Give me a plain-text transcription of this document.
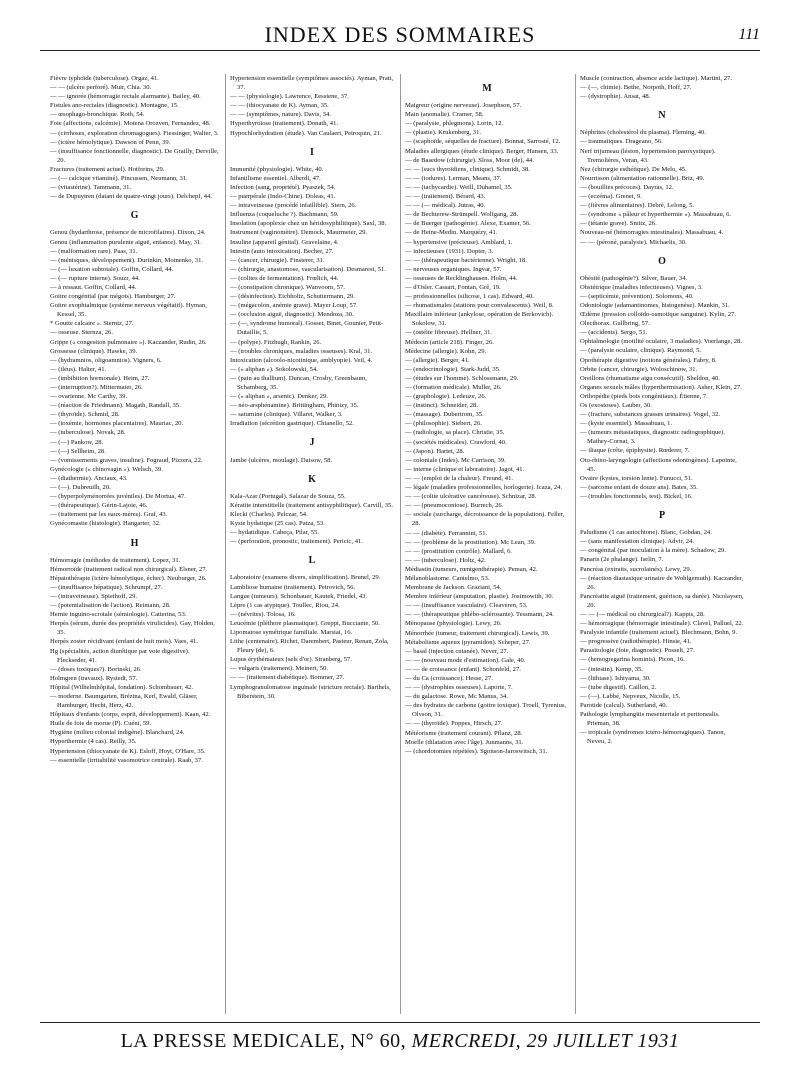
INDEX DES SOMMAIRES	111
Fièvre typhoïde (tuberculose). Orgaz, 41.
— — (ulcère perforé). Muir, Chia. 30.
— — ignorée (hémorragie rectale alarmante). Bailey, 40.
Fistules ano-rectales (diagnostic). Montagne, 15.
— œsophago-bronchique. Roth, 54.
Foie (affections, calcémie). Motena Orozven, Fernandez, 48.
— (cirrhoses, exploration chromagogues). Fiessinger, Walter, 3.
— (ictère hémolytique). Dawson of Penn, 39.
— (insuffisance fonctionnelle, diagnostic). De Grailly, Derville, 20.
Fractures (traitement actuel). Hotfreins, 29.
— (— calcique vitaminé). Pincussen, Neumann, 31.
— (vitastérine). Tammann, 31.
— de Dupuytren (datant de quatre-vingt jours). Delchepf, 44.
G
Genou (hydarthrose, présence de microfilaires). Dixon, 24.
Genou (inflammation purulente aiguë, enfance). May, 31.
— (malformation rare). Paas, 31.
— (ménisques, développement). Durinkin, Motnenko, 31.
— (— luxation subtotale). Goffin, Collard, 44.
— (— rupture interne). Souzr, 44.
— à ressaut. Goffin, Collard, 44.
Goitre congénital (par mégots). Hamburger, 27.
Goitre exophtalmique (système nerveux végétatif). Hyman, Kessel, 35.
* Goutte calcaire ». Sterntz, 27.
— osseuse. Sternza, 26.
Grippe (« congestion pulmonaire »). Kaczander, Rudin, 26.
Grossesse (clinique). Hawke, 39.
— (hydramnios, oligoamnios). Vigners, 6.
— (iléus). Halter, 41.
— (imbibition hormonale). Heim, 27.
— (interruption?). Mittermaier, 26.
— ovarienne. Mc Carthy, 39.
— (réaction de Friedmann). Magath, Randall, 35.
— (thyroïde). Schmid, 28.
— (toxémie, hormones placentaires). Mauriac, 20.
— (tuberculose). Novak, 28.
— (—) Pankow, 28.
— (—) Sellheim, 28.
— (vomissements graves, insuline). Fograud, Pizzera, 22.
Gynécologie (« chinovagin »). Welsch, 39.
— (diathermie). Anciaux, 43.
— (—). Dubreuilh, 20.
— (hyperpolyménorrées juvéniles). De Mortua, 47.
— (thérapeutique). Gérin-Lajoie, 46.
— (traitement par les eaux-mères). Graf, 43.
Gynécomastie (histologie). Hangarter, 32.
H
Hémorragie (méthodes de traitement). Lopez, 31.
Hémorroïde (traitement radical non chirurgical). Elsner, 27.
Hépatothérapie (ictère hémolytique, échec). Neuburger, 26.
— (insuffisance hépatique). Schrumpf, 27.
— (intraveineuse). Spiethoff, 29.
— (potentialisation de l'action). Reimann, 28.
Hernie inguino-scrotale (sémiologie). Catterina, 53.
Herpès (sérum, durée des propriétés virulicides). Gay, Holden, 35.
Herpès zoster récidivant (enfant de huit mois). Vaes, 41.
Hg (spécialités, action diurétique par voie digestive). Fleckseder, 41.
— (doses toxiques?). Borinski, 26.
Holmgren (travaux). Rystedt, 57.
Hôpital (Wilhelmhôpital, fondation). Schombauer, 42.
— moderne. Baumgarten, Brézina, Kerl, Ewald, Gläser, Hamburger, Hecht, Herz, 42.
Hôpitaux d'enfants (corps, esprit, développement). Kaan, 42.
Huile de foie de morue (P). Cuéni, 59.
Hygiène (milieu colonial indigène). Blanchard, 24.
Hyperthermie (4 cas). Reilly, 35.
Hypertension (thiocyanate de K). Esloff, Hoyt, O'Hare, 35.
— essentielle (irritabilité vasomotrice centrale). Raab, 37.
Hypertension essentielle (symptômes associés). Ayman, Pratt, 37.
— — (physiologie). Lawrence, Eesstene, 37.
— — (thiocyanate de K). Ayman, 35.
— — (symptômes, nature). Davis, 34.
Hyperthyroïose (traitement). Donath, 41.
Hypochlorhydration (étude). Van Caulaert, Petroquin, 21.
I
Immunité (physiologie). White, 40.
Infantilisme essentiel. Alberdi, 47.
Infection (sang, propriété). Pyaszek, 54.
— puerpérale (Indo-Chine). Doleas, 41.
— intraveineuse (procédé infaillible). Stern, 26.
Influenza (coqueluche ?). Bachmann, 59.
Insolation (apoplexie chez un héridosyphilitique). Saxl, 38.
Instrument (vaginomètre). Demock, Maurmeier, 29.
Insuline (appareil génital). Gravelaine, 4.
Intestin (auto intoxication). Becher, 27.
— (cancer, chirurgie). Finsterer, 31.
— (chirurgie, anastomose, vascularisation). Desmarest, 51.
— (colites de fermentation). Frœlich, 44.
— (constipation chronique). Wanvoorn, 57.
— (désinfection). Eichholtz, Schuttermann, 29.
— (mégacolon, anémie grave). Mayer Loup, 57.
— (occlusion aiguë, diagnostic). Mendoza, 30.
— (—, syndrome humoral). Gosset, Binet, Gounier, Petit-Dutaillis, 5.
— (polype). Fitzhugh, Rankin, 26.
— (troubles chroniques, maladies osseuses). Kral, 31.
Intoxication (alcoolo-nicotinique, amblyopie). Veil, 4.
— (« aliphan »). Sokolowski, 54.
— (pain au thallium). Duncan, Crosby, Greenbaum, Schamberg, 35.
— (« aliphan », arsenic). Denker, 29.
— néo-arsphénamine). Brittingham, Phinizy, 35.
— saturnine (clinique). Villaret, Walker, 3.
Irradiation (sécrétion gastrique). Chianello, 52.
J
Jambe (ulcères, moulage). Daisow, 58.
K
Kala-Azar (Portugal). Salazar de Souza, 55.
Kératite interstitielle (traitement antisyphilitique). Carvill, 35.
Klecki (Charles). Pelczar, 54.
Kyste hydatique (25 cas). Patza, 53.
— hydatidique. Cabeça, Pilar, 55.
— (perforation, pronostic, traitement). Pericic, 41.
L
Laboratoire (examens divers, simplification). Brunel, 29.
Lambliose humaine (traitement). Petrovich, 56.
Langue (tumeurs). Schonbauer, Kautek, Friedel, 43.
Lèpre (1 cas atypique). Toullec, Riou, 24.
— (névrites). Tolosa, 16.
Leucémie (pléthore plasmatique). Greppi, Bucciante, 50.
Lipomatose symétrique familiale. Marsiai, 16.
Lithe (centenaire). Richet, Darembert, Pasteur, Renan, Zola, Fleury (de), 6.
Lupus érythémateux (sels d'or). Stranberg, 57.
— vulgaris (traitement). Meinert, 50.
— — (traitement diabétique). Bommer, 27.
Lymphogranulomatose inguinale (stricture rectale). Barthels, Biberstein, 30.
M
Maigreur (origine nerveuse). Josephson, 57.
Main (anomalie). Cramer, 58.
— (paralysie, phlegmons). Lorin, 12.
— (plastie). Krukenberg, 31.
— (scaphoïde, séquelles de fracture). Bonnat, Sarrosté, 12.
Maladies allergiques (étude clinique). Berger, Hansen, 33.
— de Basedow (chirurgie). Sloss, Moor (de), 44.
— — (sucs thyroïdiens, clinique). Schmidt, 38.
— — (iodures). Lerman, Means, 37.
— — (tachycardie). Weill, Duhamel, 35.
— — (traitement). Bérard, 43.
— — (— médical). Jutras, 40.
— de Bechterew-Strümpell. Wolfgang, 28.
— de Buerger (pathogénie). Alexe, Examer, 56.
— de Heine-Medin. Marquézy, 41.
— hypertensive (précieuse). Amblard, 1.
— infectieuses (1931). Dopter, 3.
— — (thérapeutique bactérienne). Wright, 18.
— nerveuses organiques. Ingvar, 57.
— osseuses de Recklinghausen. Holm, 44.
— d'Osler. Cassart, Fontan, Grê, 19.
— professionnelles (silicose, 1 cas). Edward, 40.
— rhumatismales (stations pour convalescents). Weil, 8.
Maxillaire inférieur (ankylose, opération de Berkovich). Sokolow, 31.
— (ostéite fibreuse). Hellner, 31.
Médecin (article 218). Finger, 26.
Médecine (allergie). Kohn, 29.
— (allergie). Berger, 41.
— (endocrinologie). Stark-Judd, 35.
— (études sur l'homme). Schlossmann, 29.
— (formation médicale). Muller, 26.
— (graphologie). Ledeuze, 26.
— (instinct). Schneider, 28.
— (massage). Dubertrom, 35.
— (philosophie). Siebert, 26.
— (radiologie, sa place). Christie, 35.
— (sociétés médicales). Crawford, 40.
— (Japon). Hartet, 28.
— coloniale (Indes). Mc Carrison, 39.
— interne (clinique et laboratoire). Jagot, 41.
— — (emploi de la chaleur). Freund, 41.
— légale (maladies professionnelles, horlogerie). Icaza, 24.
— — (colite ulcérative cancéreuse). Schnizar, 28.
— — (pneumoconiose). Burrech, 26.
— sociale (surcharge, décroissance de la population). Feller, 28.
— — (diabète). Ferrannini, 51.
— — (problème de la prostitution). Mc Lean, 39.
— — (prostitution contrôle). Mallard, 6.
— — (tuberculose). Holtz, 42.
Médiastin (tumeurs, rœntgenthérapie). Peman, 42.
Mélanoblastome. Cantelmo, 53.
Membrane de Jackson. Graziani, 54.
Membre inférieur (amputation, plastie). Jostmowith, 30.
— — (insuffisance vasculaire). Cleaveren, 53.
— — (thérapeutique phlébo-sclérosante). Tessmann, 24.
Ménopause (physiologie). Lewy, 26.
Ménorrhée (tumeur, traitement chirurgical). Lewis, 39.
Métabolisme aqueux (pyramidon). Scheper, 27.
— basal (injection cutanée). Never, 27.
— — (nouveau mode d'estimation). Gale, 40.
— — de croissance (enfant). Schonfeld, 27.
— du Ca (croissance). Hesse, 27.
— — (dystrophies osseuses). Laporte, 7.
— du galactose. Rowe, Mc Manus, 34.
— des hydrates de carbone (goitre toxique). Troell, Tyrenius, Olvson, 31.
— — (thyroïde). Poppes, Hirsch, 27.
Météorisme (traitement courant). Pflanz, 28.
Moelle (dilatation avec l'âge). Junmanns, 31.
— (chordotomies répétées). Sgonson-Jaroswitsch, 31.
Muscle (contraction, absence acide lactique). Martini, 27.
— (—, chimie). Bethe, Norpoth, Hoff, 27.
— (dystrophie). Ansat, 48.
N
Néphrites (cholestérol du plasma). Fleming, 40.
— traumatiques. Drageano, 56.
Nerf trijumeau (lésion, hypertension paroxystique). Tremolières, Veran, 43.
Nez (chirurgie esthétique). De Melo, 45.
Nourrisson (alimentation rationnelle). Briz, 49.
— (bouillies précoces). Dayras, 12.
— (eczéma). Grenet, 9.
— (fièvres alimentaires). Debré, Lelong, 5.
— (syndrome « pâleur et hyperthermie »). Massabuau, 6.
— (tétanie grave). Smitz, 26.
Nouveau-né (hémorragies intestinales). Massabuau, 4.
— — (péroné, paralysie). Michaelis, 30.
O
Obésité (pathogénie?). Silver, Bauer, 34.
Obstétrique (maladies infectieuses). Vignes, 3.
— (septicémie, prévention). Solomons, 40.
Odontologie (adamantinomes, histogenèse). Mankin, 31.
Œdème (pression colloïdo-osmotique sanguine). Kylin, 27.
Olecthorax. Gullbring, 57.
— (accidents). Sergo, 51.
Ophtalmologie (motilité oculaire, 3 maladies). Voerlange, 28.
— (paralysie oculaire, clinique). Raymond, 5.
Opothérapie digestive (notions générales). Fabry, 8.
Orbite (cancer, chirurgie). Woloschinow, 31.
Oreillons (rhumatisme aigu consécutif). Sheldon, 40.
Organes sexuels mâles (hyperthermisation). Asher, Klein, 27.
Orthopédie (pieds bots congénitaux). Étienne, 7.
Os (exostoses). Lauber, 30.
— (fracture, substances grasses urinaires). Vogel, 32.
— (kyste essentiel). Massabuau, 1.
— (tumeurs métastatiques, diagnostic radiographique). Mathey-Cornat, 3.
— iliaque (crête, épiphysite). Rœderer, 7.
Oto-rhino-laryngologie (affections odontogènes). Lapointe, 45.
Ovaire (kystes, torsion lente). Funucci, 51.
— (sarcome enfant de douze ans). Bates, 35.
— (troubles fonctionnels, test). Bickel, 16.
P
Paludisme (1 cas autochtone). Blanc, Gobdan, 24.
— (sans manifestation clinique). Advir, 24.
— congénital (par inoculation à la mère). Schadow, 29.
Panaris (2e phalange). Iselin, 7.
Pancréas (extraits, sucrolainés). Lewy, 29.
— (réaction diastasique urinaire de Wohlgemuth). Kaczander, 26.
Pancréatite aiguë (traitement, guérison, sa durée). Nicolaysen, 20.
— — (— médical ou chirurgical?). Kappis, 28.
— hémorragique (hémorragie intestinale). Clavel, Palluel, 22.
Paralysie infantile (traitement actuel). Blechmann, Bohn, 9.
— progressive (radiothérapie). Hinsie, 41.
Parasitologie (foie, diagnostic). Posselt, 27.
— (hemogregarina hominis). Picon, 16.
— (intestin). Kemp, 35.
— (lithiase). Ishiyama, 30.
— (tube digestif). Caillon, 2.
— (—). Labbé, Nepveux, Nicolle, 15.
Parotide (calcul). Sutherland, 40.
Pathologie lymphangitis mesenteriale et peritonealis. Prieman, 38.
— tropicale (syndromes ictéro-hémorragiques). Tanon, Neveu, 2.
LA PRESSE MEDICALE, N° 60, MERCREDI, 29 JUILLET 1931
